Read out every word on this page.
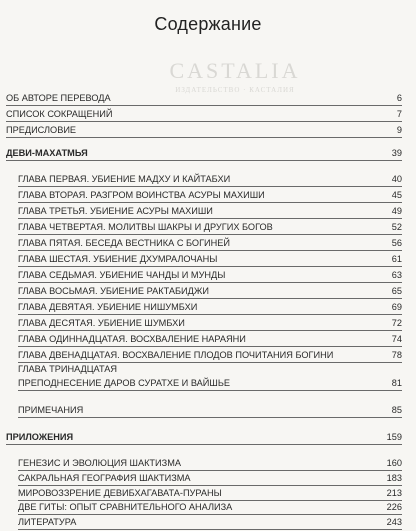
Содержание
CASTALIA
ИЗДАТЕЛЬСТВО · КАСТАЛИЯ
ОБ АВТОРЕ ПЕРЕВОДА	6
СПИСОК СОКРАЩЕНИЙ	7
ПРЕДИСЛОВИЕ	9
ДЕВИ-МАХАТМЬЯ	39
ГЛАВА ПЕРВАЯ. УБИЕНИЕ МАДХУ И КАЙТАБХИ	40
ГЛАВА ВТОРАЯ. РАЗГРОМ ВОИНСТВА АСУРЫ МАХИШИ	45
ГЛАВА ТРЕТЬЯ. УБИЕНИЕ АСУРЫ МАХИШИ	49
ГЛАВА ЧЕТВЕРТАЯ. МОЛИТВЫ ШАКРЫ И ДРУГИХ БОГОВ	52
ГЛАВА ПЯТАЯ. БЕСЕДА ВЕСТНИКА С БОГИНЕЙ	56
ГЛАВА ШЕСТАЯ. УБИЕНИЕ ДХУМРАЛОЧАНЫ	61
ГЛАВА СЕДЬМАЯ. УБИЕНИЕ ЧАНДЫ И МУНДЫ	63
ГЛАВА ВОСЬМАЯ. УБИЕНИЕ РАКТАБИДЖИ	65
ГЛАВА ДЕВЯТАЯ. УБИЕНИЕ НИШУМБХИ	69
ГЛАВА ДЕСЯТАЯ. УБИЕНИЕ ШУМБХИ	72
ГЛАВА ОДИННАДЦАТАЯ. ВОСХВАЛЕНИЕ НАРАЯНИ	74
ГЛАВА ДВЕНАДЦАТАЯ. ВОСХВАЛЕНИЕ ПЛОДОВ ПОЧИТАНИЯ БОГИНИ	78
ГЛАВА ТРИНАДЦАТАЯ
ПРЕПОДНЕСЕНИЕ ДАРОВ СУРАТХЕ И ВАЙШЬЕ	81
ПРИМЕЧАНИЯ	85
ПРИЛОЖЕНИЯ	159
ГЕНЕЗИС И ЭВОЛЮЦИЯ ШАКТИЗМА	160
САКРАЛЬНАЯ ГЕОГРАФИЯ ШАКТИЗМА	183
МИРОВОЗЗРЕНИЕ ДЕВИБХАГАВАТА-ПУРАНЫ	213
ДВЕ ГИТЫ: ОПЫТ СРАВНИТЕЛЬНОГО АНАЛИЗА	226
ЛИТЕРАТУРА	243
